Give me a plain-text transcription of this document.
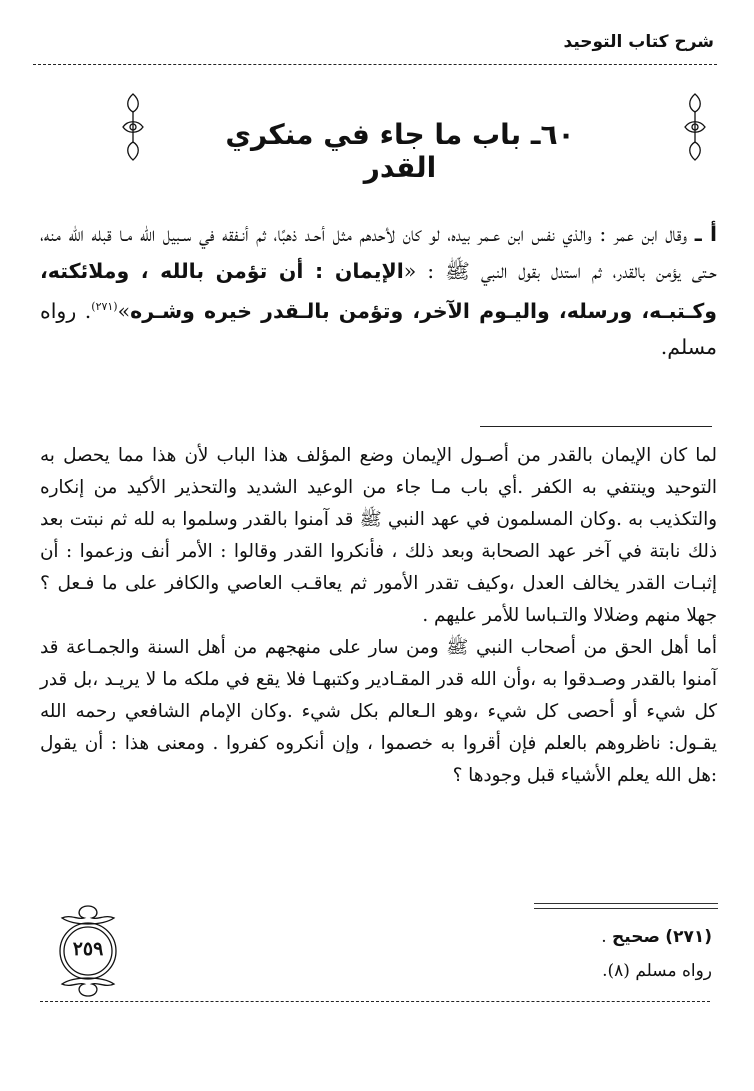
شرح كتاب التوحيد
٦٠ـ باب ما جاء في منكري القدر
أ ـ وقال ابن عمر : والذي نفس ابن عـمر بيده، لو كان لأحدهم مثل أحـد ذهبًا، ثم أنـفقه في سـبيل الله مـا قبله الله منه، حـتى يؤمن بالقدر، ثم استدل بقول النبي ﷺ : «الإيمان : أن تؤمن بالله ، وملائكته، وكـتبـه، ورسله، واليـوم الآخر، وتؤمن بالـقدر خيره وشـره»$^{(٢٧١)}$. رواه مسلم.

لما كان الإيمان بالقدر من أصـول الإيمان وضع المؤلف هذا الباب لأن هذا مما يحصل به التوحيد وينتفي به الكفر .أي باب مـا جاء من الوعيد الشديد والتحذير الأكيد من إنكاره والتكذيب به .وكان المسلمون في عهد النبي ﷺ قد آمنوا بالقدر وسلموا به لله ثم نبتت بعد ذلك نابتة في آخر عهد الصحابة وبعد ذلك ، فأنكروا القدر وقالوا : الأمر أنف وزعموا : أن إثبـات القدر يخالف العدل ،وكيف تقدر الأمور ثم يعاقـب العاصي والكافر على ما فـعل ؟ جهلا منهم وضلالا والتـباسا للأمر عليهم .

أما أهل الحق من أصحاب النبي ﷺ ومن سار على منهجهم من أهل السنة والجمـاعة قد آمنوا بالقدر وصـدقوا به ،وأن الله قدر المقـادير وكتبهـا فلا يقع في ملكه ما لا يريـد ،بل قدر كل شيء أو أحصى كل شيء ،وهو الـعالم بكل شيء .وكان الإمام الشافعي رحمه الله يقـول: ناظروهم بالعلم فإن أقروا به خصموا ، وإن أنكروه كفروا . ومعنى هذا : أن يقول :هل الله يعلم الأشياء قبل وجودها ؟

(٢٧١) صحيح .
رواه مسلم (٨).
٢٥٩
